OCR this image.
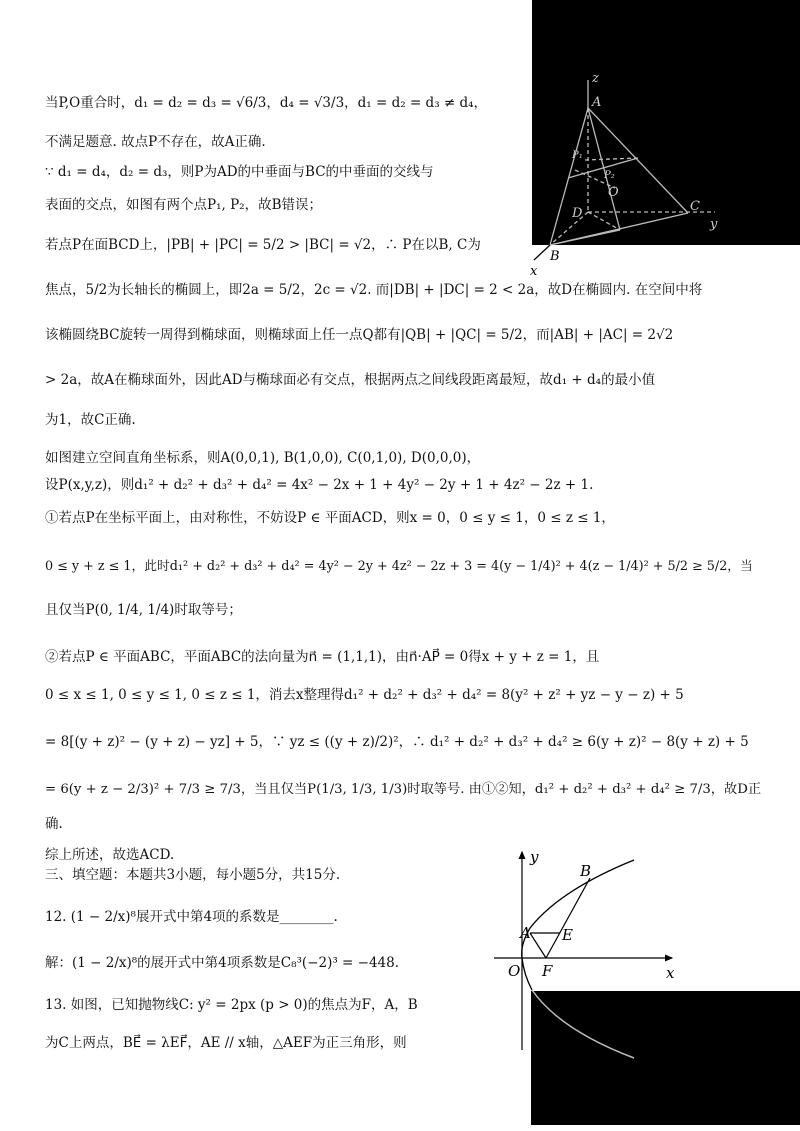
z
A
P₁
P₂
O
D	C
y
B
x
y
B
A E
O F	x
当P,O重合时，d₁ = d₂ = d₃ = √6/3，d₄ = √3/3，d₁ = d₂ = d₃ ≠ d₄，
不满足题意. 故点P不存在，故A正确.
∵ d₁ = d₄，d₂ = d₃，则P为AD的中垂面与BC的中垂面的交线与
表面的交点，如图有两个点P₁, P₂，故B错误；
若点P在面BCD上，|PB| + |PC| = 5/2 > |BC| = √2，∴ P在以B, C为
焦点，5/2为长轴长的椭圆上，即2a = 5/2，2c = √2. 而|DB| + |DC| = 2 < 2a，故D在椭圆内. 在空间中将
该椭圆绕BC旋转一周得到椭球面，则椭球面上任一点Q都有|QB| + |QC| = 5/2，而|AB| + |AC| = 2√2
> 2a，故A在椭球面外，因此AD与椭球面必有交点，根据两点之间线段距离最短，故d₁ + d₄的最小值
为1，故C正确.
如图建立空间直角坐标系，则A(0,0,1), B(1,0,0), C(0,1,0), D(0,0,0)，
设P(x,y,z)，则d₁² + d₂² + d₃² + d₄² = 4x² − 2x + 1 + 4y² − 2y + 1 + 4z² − 2z + 1.
①若点P在坐标平面上，由对称性，不妨设P ∈ 平面ACD，则x = 0，0 ≤ y ≤ 1，0 ≤ z ≤ 1，
0 ≤ y + z ≤ 1，此时d₁² + d₂² + d₃² + d₄² = 4y² − 2y + 4z² − 2z + 3 = 4(y − 1/4)² + 4(z − 1/4)² + 5/2 ≥ 5/2，当
且仅当P(0, 1/4, 1/4)时取等号；
②若点P ∈ 平面ABC，平面ABC的法向量为n⃗ = (1,1,1)，由n⃗·AP⃗ = 0得x + y + z = 1，且
0 ≤ x ≤ 1, 0 ≤ y ≤ 1, 0 ≤ z ≤ 1，消去x整理得d₁² + d₂² + d₃² + d₄² = 8(y² + z² + yz − y − z) + 5
= 8[(y + z)² − (y + z) − yz] + 5，∵ yz ≤ ((y + z)/2)²，∴ d₁² + d₂² + d₃² + d₄² ≥ 6(y + z)² − 8(y + z) + 5
= 6(y + z − 2/3)² + 7/3 ≥ 7/3，当且仅当P(1/3, 1/3, 1/3)时取等号. 由①②知，d₁² + d₂² + d₃² + d₄² ≥ 7/3，故D正
确.
综上所述，故选ACD.
三、填空题：本题共3小题，每小题5分，共15分.
12. (1 − 2/x)⁸展开式中第4项的系数是________.
解：(1 − 2/x)⁸的展开式中第4项系数是C₈³(−2)³ = −448.
13. 如图，已知抛物线C: y² = 2px (p > 0)的焦点为F，A，B
为C上两点，BE⃗ = λEF⃗，AE // x轴，△AEF为正三角形，则
